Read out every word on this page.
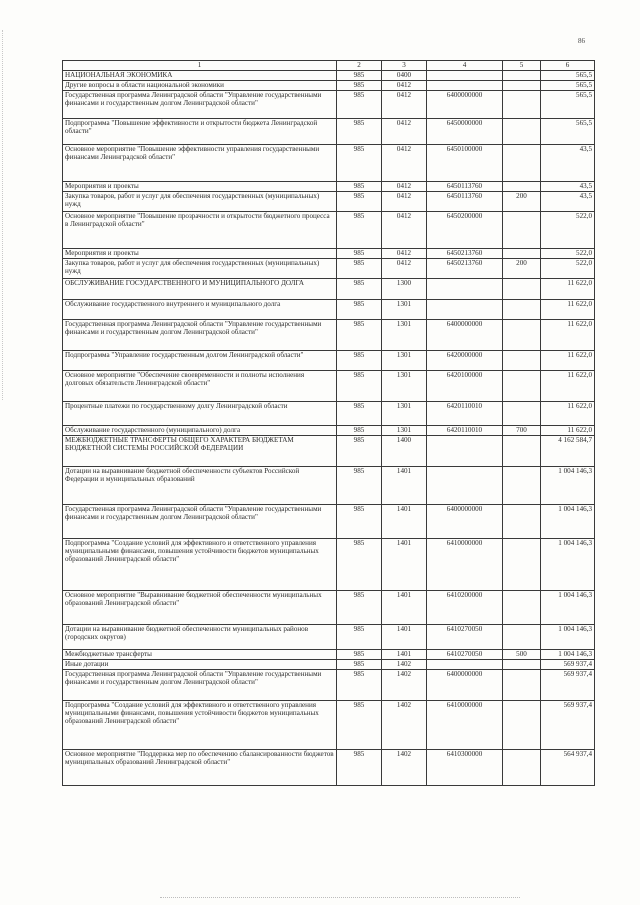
86
1	2	3	4	5	6
НАЦИОНАЛЬНАЯ ЭКОНОМИКА	985	0400			565,5
Другие вопросы в области национальной экономики	985	0412			565,5
Государственная программа Ленинградской области "Управление государственными финансами и государственным долгом Ленинградской области"	985	0412	6400000000		565,5
Подпрограмма "Повышение эффективности и открытости бюджета Ленинградской области"	985	0412	6450000000		565,5
Основное мероприятие "Повышение эффективности управления государственными финансами Ленинградской области"	985	0412	6450100000		43,5
Мероприятия и проекты	985	0412	6450113760		43,5
Закупка товаров, работ и услуг для обеспечения государственных (муниципальных) нужд	985	0412	6450113760	200	43,5
Основное мероприятие "Повышение прозрачности и открытости бюджетного процесса в Ленинградской области"	985	0412	6450200000		522,0
Мероприятия и проекты	985	0412	6450213760		522,0
Закупка товаров, работ и услуг для обеспечения государственных (муниципальных) нужд	985	0412	6450213760	200	522,0
ОБСЛУЖИВАНИЕ ГОСУДАРСТВЕННОГО И МУНИЦИПАЛЬНОГО ДОЛГА	985	1300			11 622,0
Обслуживание государственного внутреннего и муниципального долга	985	1301			11 622,0
Государственная программа Ленинградской области "Управление государственными финансами и государственным долгом Ленинградской области"	985	1301	6400000000		11 622,0
Подпрограмма "Управление государственным долгом Ленинградской области"	985	1301	6420000000		11 622,0
Основное мероприятие "Обеспечение своевременности и полноты исполнения долговых обязательств Ленинградской области"	985	1301	6420100000		11 622,0
Процентные платежи по государственному долгу Ленинградской области	985	1301	6420110010		11 622,0
Обслуживание государственного (муниципального) долга	985	1301	6420110010	700	11 622,0
МЕЖБЮДЖЕТНЫЕ ТРАНСФЕРТЫ ОБЩЕГО ХАРАКТЕРА БЮДЖЕТАМ БЮДЖЕТНОЙ СИСТЕМЫ РОССИЙСКОЙ ФЕДЕРАЦИИ	985	1400			4 162 584,7
Дотации на выравнивание бюджетной обеспеченности субъектов Российской Федерации и муниципальных образований	985	1401			1 004 146,3
Государственная программа Ленинградской области "Управление государственными финансами и государственным долгом Ленинградской области"	985	1401	6400000000		1 004 146,3
Подпрограмма "Создание условий для эффективного и ответственного управления муниципальными финансами, повышения устойчивости бюджетов муниципальных образований Ленинградской области"	985	1401	6410000000		1 004 146,3
Основное мероприятие "Выравнивание бюджетной обеспеченности муниципальных образований Ленинградской области"	985	1401	6410200000		1 004 146,3
Дотации на выравнивание бюджетной обеспеченности муниципальных районов (городских округов)	985	1401	6410270050		1 004 146,3
Межбюджетные трансферты	985	1401	6410270050	500	1 004 146,3
Иные дотации	985	1402			569 937,4
Государственная программа Ленинградской области "Управление государственными финансами и государственным долгом Ленинградской области"	985	1402	6400000000		569 937,4
Подпрограмма "Создание условий для эффективного и ответственного управления муниципальными финансами, повышения устойчивости бюджетов муниципальных образований Ленинградской области"	985	1402	6410000000		569 937,4
Основное мероприятие "Поддержка мер по обеспечению сбалансированности бюджетов муниципальных образований Ленинградской области"	985	1402	6410300000		564 937,4
